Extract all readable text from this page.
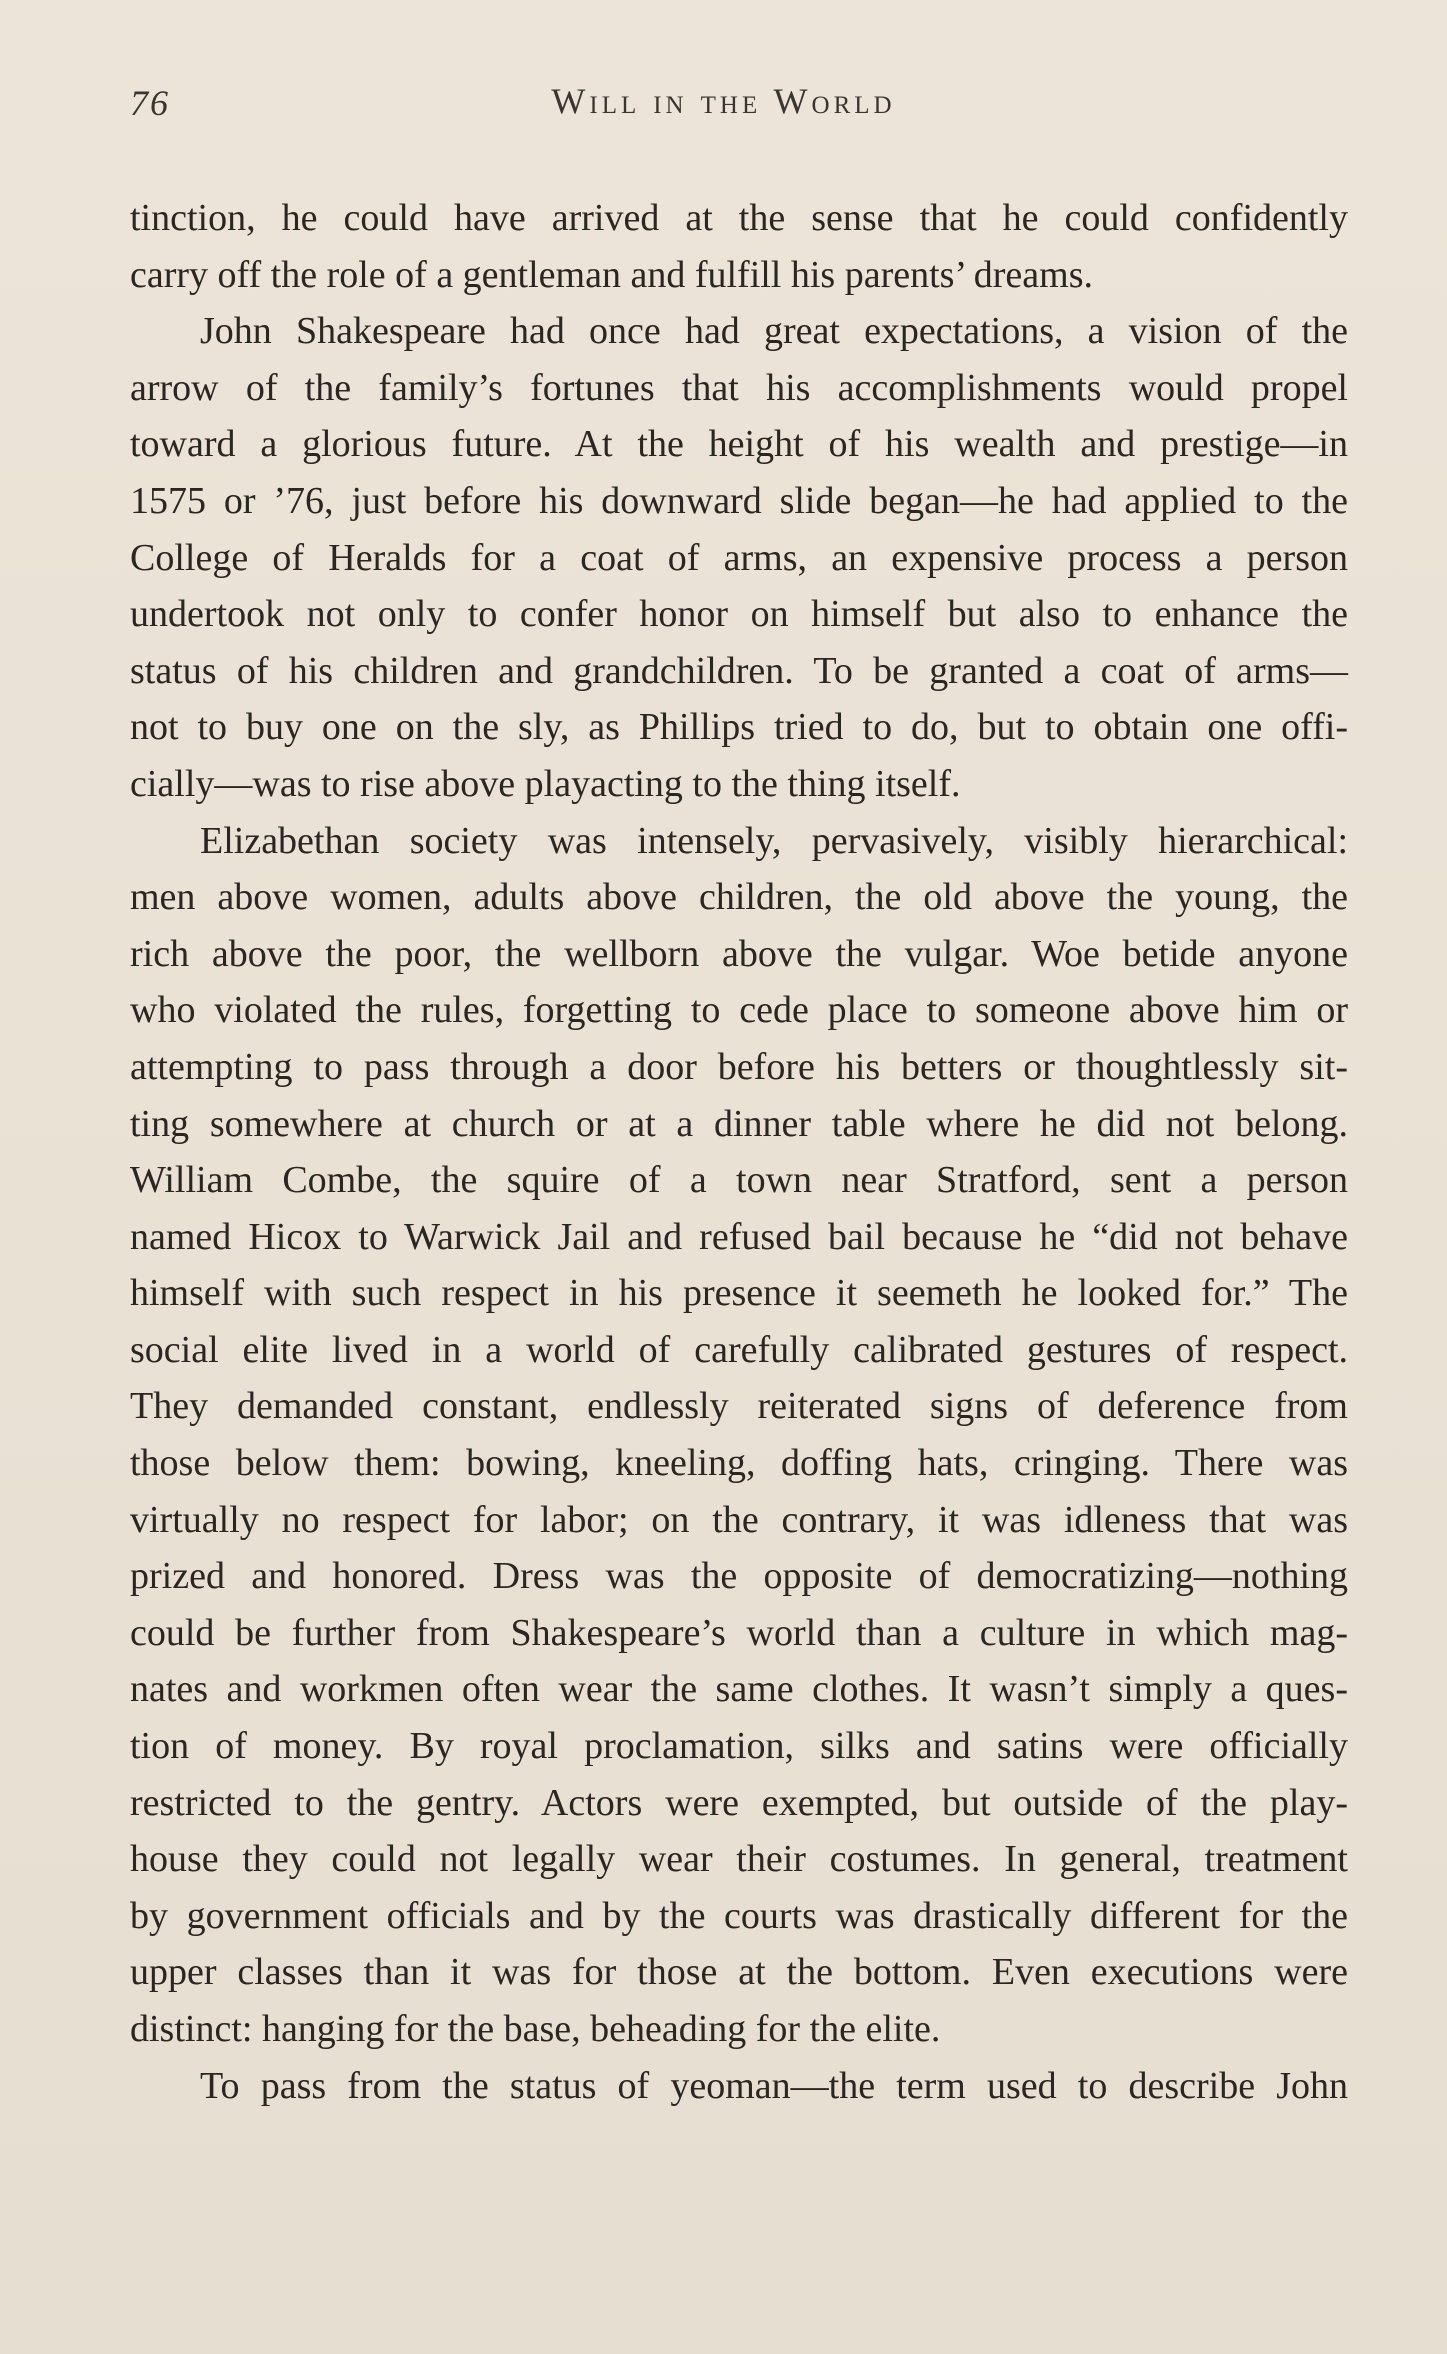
76	Will in the World
tinction, he could have arrived at the sense that he could confidently
carry off the role of a gentleman and fulfill his parents’ dreams.
John Shakespeare had once had great expectations, a vision of the
arrow of the family’s fortunes that his accomplishments would propel
toward a glorious future. At the height of his wealth and prestige—in
1575 or ’76, just before his downward slide began—he had applied to the
College of Heralds for a coat of arms, an expensive process a person
undertook not only to confer honor on himself but also to enhance the
status of his children and grandchildren. To be granted a coat of arms—
not to buy one on the sly, as Phillips tried to do, but to obtain one offi-
cially—was to rise above playacting to the thing itself.
Elizabethan society was intensely, pervasively, visibly hierarchical:
men above women, adults above children, the old above the young, the
rich above the poor, the wellborn above the vulgar. Woe betide anyone
who violated the rules, forgetting to cede place to someone above him or
attempting to pass through a door before his betters or thoughtlessly sit-
ting somewhere at church or at a dinner table where he did not belong.
William Combe, the squire of a town near Stratford, sent a person
named Hicox to Warwick Jail and refused bail because he “did not behave
himself with such respect in his presence it seemeth he looked for.” The
social elite lived in a world of carefully calibrated gestures of respect.
They demanded constant, endlessly reiterated signs of deference from
those below them: bowing, kneeling, doffing hats, cringing. There was
virtually no respect for labor; on the contrary, it was idleness that was
prized and honored. Dress was the opposite of democratizing—nothing
could be further from Shakespeare’s world than a culture in which mag-
nates and workmen often wear the same clothes. It wasn’t simply a ques-
tion of money. By royal proclamation, silks and satins were officially
restricted to the gentry. Actors were exempted, but outside of the play-
house they could not legally wear their costumes. In general, treatment
by government officials and by the courts was drastically different for the
upper classes than it was for those at the bottom. Even executions were
distinct: hanging for the base, beheading for the elite.
To pass from the status of yeoman—the term used to describe John
